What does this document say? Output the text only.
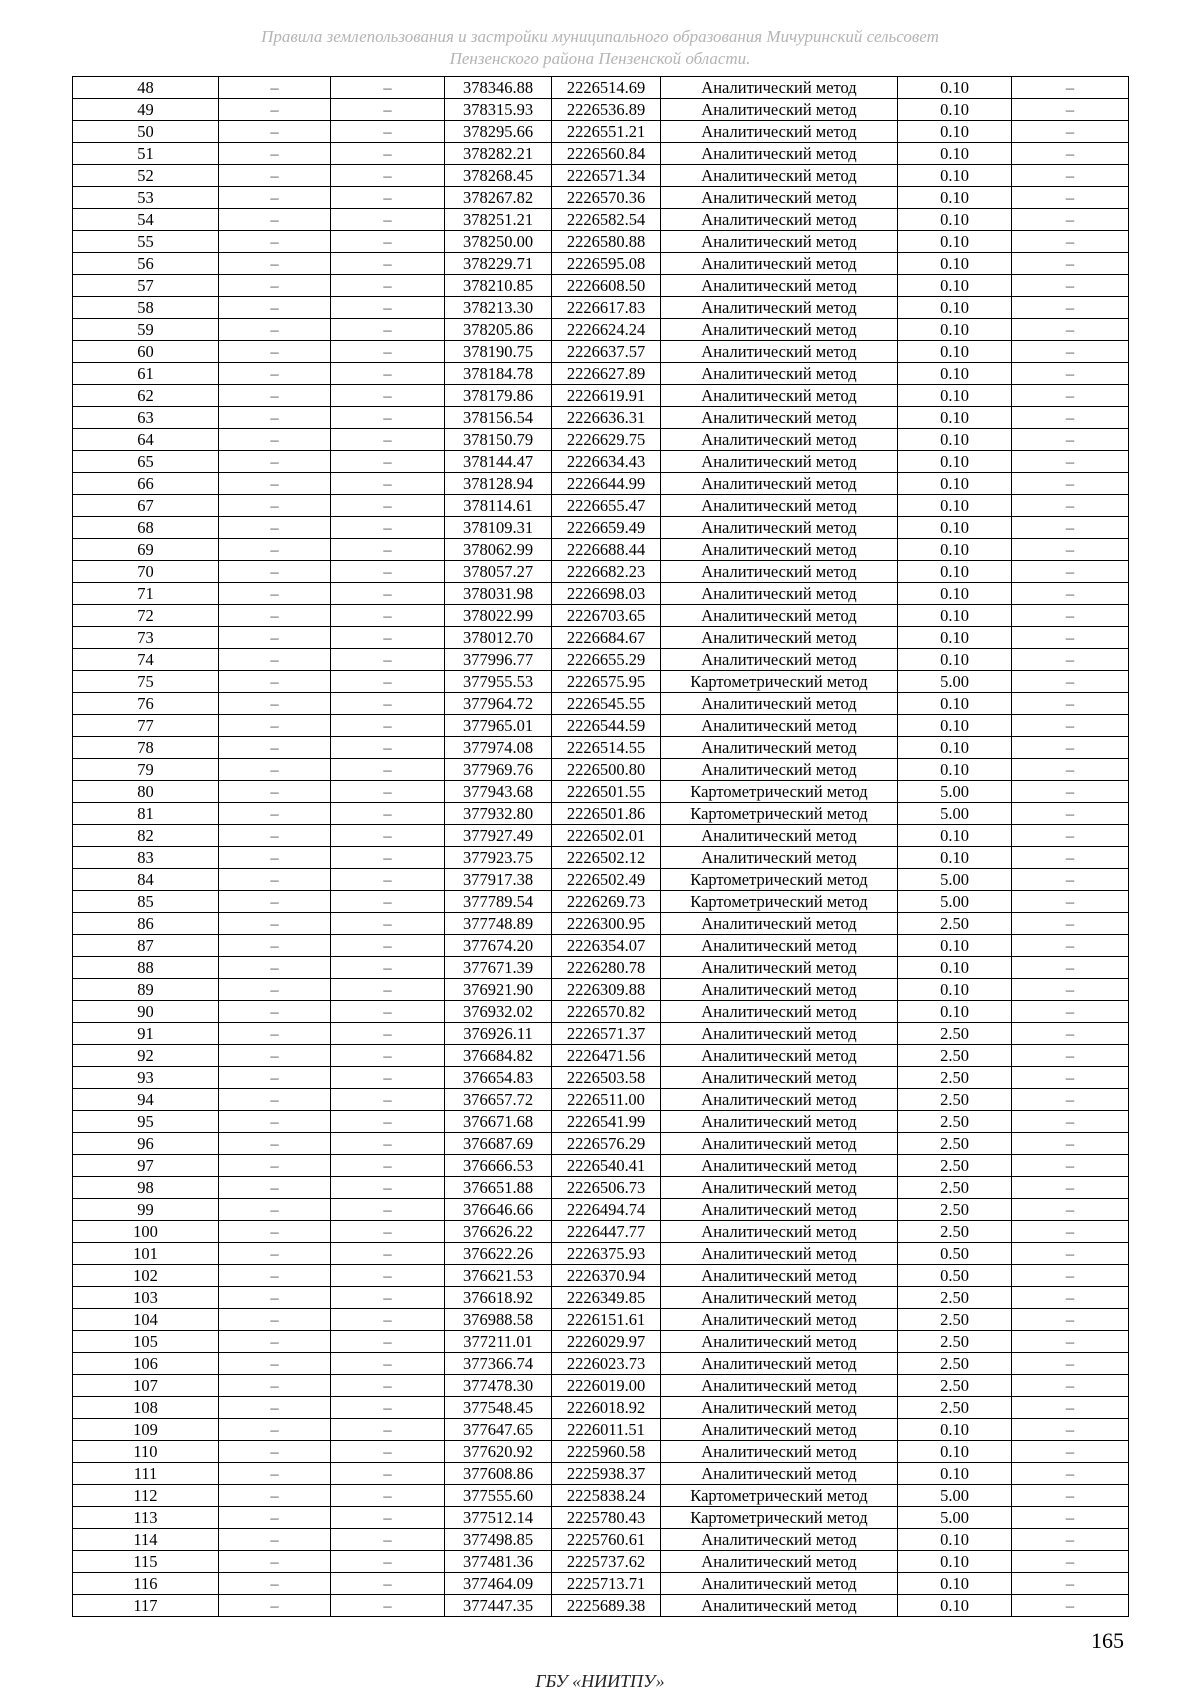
Правила землепользования и застройки муниципального образования Мичуринский сельсовет
Пензенского района Пензенской области.
48	–	–	378346.88	2226514.69	Аналитический метод	0.10	–
49	–	–	378315.93	2226536.89	Аналитический метод	0.10	–
50	–	–	378295.66	2226551.21	Аналитический метод	0.10	–
51	–	–	378282.21	2226560.84	Аналитический метод	0.10	–
52	–	–	378268.45	2226571.34	Аналитический метод	0.10	–
53	–	–	378267.82	2226570.36	Аналитический метод	0.10	–
54	–	–	378251.21	2226582.54	Аналитический метод	0.10	–
55	–	–	378250.00	2226580.88	Аналитический метод	0.10	–
56	–	–	378229.71	2226595.08	Аналитический метод	0.10	–
57	–	–	378210.85	2226608.50	Аналитический метод	0.10	–
58	–	–	378213.30	2226617.83	Аналитический метод	0.10	–
59	–	–	378205.86	2226624.24	Аналитический метод	0.10	–
60	–	–	378190.75	2226637.57	Аналитический метод	0.10	–
61	–	–	378184.78	2226627.89	Аналитический метод	0.10	–
62	–	–	378179.86	2226619.91	Аналитический метод	0.10	–
63	–	–	378156.54	2226636.31	Аналитический метод	0.10	–
64	–	–	378150.79	2226629.75	Аналитический метод	0.10	–
65	–	–	378144.47	2226634.43	Аналитический метод	0.10	–
66	–	–	378128.94	2226644.99	Аналитический метод	0.10	–
67	–	–	378114.61	2226655.47	Аналитический метод	0.10	–
68	–	–	378109.31	2226659.49	Аналитический метод	0.10	–
69	–	–	378062.99	2226688.44	Аналитический метод	0.10	–
70	–	–	378057.27	2226682.23	Аналитический метод	0.10	–
71	–	–	378031.98	2226698.03	Аналитический метод	0.10	–
72	–	–	378022.99	2226703.65	Аналитический метод	0.10	–
73	–	–	378012.70	2226684.67	Аналитический метод	0.10	–
74	–	–	377996.77	2226655.29	Аналитический метод	0.10	–
75	–	–	377955.53	2226575.95	Картометрический метод	5.00	–
76	–	–	377964.72	2226545.55	Аналитический метод	0.10	–
77	–	–	377965.01	2226544.59	Аналитический метод	0.10	–
78	–	–	377974.08	2226514.55	Аналитический метод	0.10	–
79	–	–	377969.76	2226500.80	Аналитический метод	0.10	–
80	–	–	377943.68	2226501.55	Картометрический метод	5.00	–
81	–	–	377932.80	2226501.86	Картометрический метод	5.00	–
82	–	–	377927.49	2226502.01	Аналитический метод	0.10	–
83	–	–	377923.75	2226502.12	Аналитический метод	0.10	–
84	–	–	377917.38	2226502.49	Картометрический метод	5.00	–
85	–	–	377789.54	2226269.73	Картометрический метод	5.00	–
86	–	–	377748.89	2226300.95	Аналитический метод	2.50	–
87	–	–	377674.20	2226354.07	Аналитический метод	0.10	–
88	–	–	377671.39	2226280.78	Аналитический метод	0.10	–
89	–	–	376921.90	2226309.88	Аналитический метод	0.10	–
90	–	–	376932.02	2226570.82	Аналитический метод	0.10	–
91	–	–	376926.11	2226571.37	Аналитический метод	2.50	–
92	–	–	376684.82	2226471.56	Аналитический метод	2.50	–
93	–	–	376654.83	2226503.58	Аналитический метод	2.50	–
94	–	–	376657.72	2226511.00	Аналитический метод	2.50	–
95	–	–	376671.68	2226541.99	Аналитический метод	2.50	–
96	–	–	376687.69	2226576.29	Аналитический метод	2.50	–
97	–	–	376666.53	2226540.41	Аналитический метод	2.50	–
98	–	–	376651.88	2226506.73	Аналитический метод	2.50	–
99	–	–	376646.66	2226494.74	Аналитический метод	2.50	–
100	–	–	376626.22	2226447.77	Аналитический метод	2.50	–
101	–	–	376622.26	2226375.93	Аналитический метод	0.50	–
102	–	–	376621.53	2226370.94	Аналитический метод	0.50	–
103	–	–	376618.92	2226349.85	Аналитический метод	2.50	–
104	–	–	376988.58	2226151.61	Аналитический метод	2.50	–
105	–	–	377211.01	2226029.97	Аналитический метод	2.50	–
106	–	–	377366.74	2226023.73	Аналитический метод	2.50	–
107	–	–	377478.30	2226019.00	Аналитический метод	2.50	–
108	–	–	377548.45	2226018.92	Аналитический метод	2.50	–
109	–	–	377647.65	2226011.51	Аналитический метод	0.10	–
110	–	–	377620.92	2225960.58	Аналитический метод	0.10	–
111	–	–	377608.86	2225938.37	Аналитический метод	0.10	–
112	–	–	377555.60	2225838.24	Картометрический метод	5.00	–
113	–	–	377512.14	2225780.43	Картометрический метод	5.00	–
114	–	–	377498.85	2225760.61	Аналитический метод	0.10	–
115	–	–	377481.36	2225737.62	Аналитический метод	0.10	–
116	–	–	377464.09	2225713.71	Аналитический метод	0.10	–
117	–	–	377447.35	2225689.38	Аналитический метод	0.10	–
165
ГБУ «НИИТПУ»
